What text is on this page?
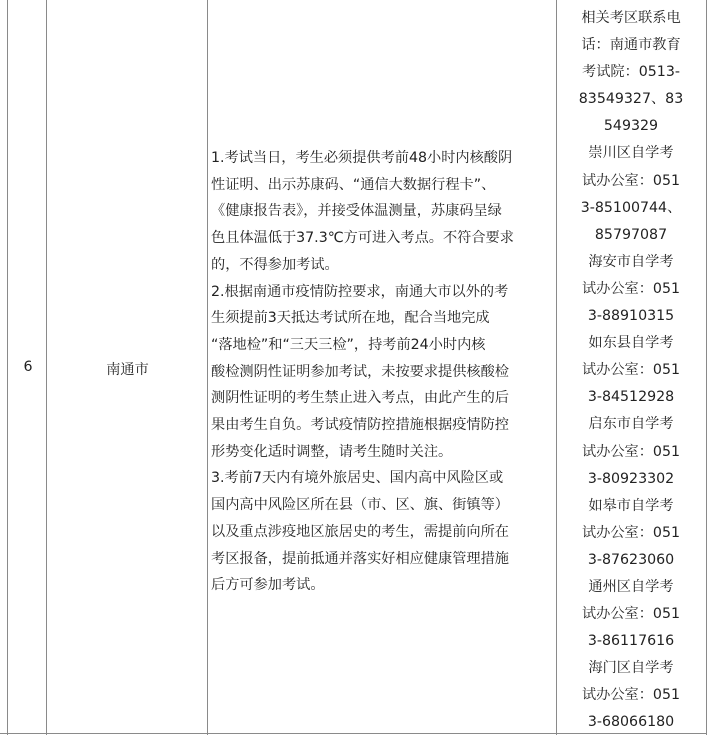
6	南通市

1.考试当日，考生必须提供考前48小时内核酸阴

性证明、出示苏康码、“通信大数据行程卡”、

《健康报告表》，并接受体温测量，苏康码呈绿

色且体温低于37.3℃方可进入考点。不符合要求

的，不得参加考试。

2.根据南通市疫情防控要求，南通大市以外的考

生须提前3天抵达考试所在地，配合当地完成

“落地检”和“三天三检”，持考前24小时内核

酸检测阴性证明参加考试，未按要求提供核酸检

测阴性证明的考生禁止进入考点，由此产生的后

果由考生自负。考试疫情防控措施根据疫情防控

形势变化适时调整，请考生随时关注。

3.考前7天内有境外旅居史、国内高中风险区或

国内高中风险区所在县（市、区、旗、街镇等）

以及重点涉疫地区旅居史的考生，需提前向所在

考区报备，提前抵通并落实好相应健康管理措施

后方可参加考试。

相关考区联系电
话：南通市教育
考试院：0513-
83549327、83
549329
崇川区自学考
试办公室：051
3-85100744、
85797087
海安市自学考
试办公室：051
3-88910315
如东县自学考
试办公室：051
3-84512928
启东市自学考
试办公室：051
3-80923302
如皋市自学考
试办公室：051
3-87623060
通州区自学考
试办公室：051
3-86117616
海门区自学考
试办公室：051
3-68066180
